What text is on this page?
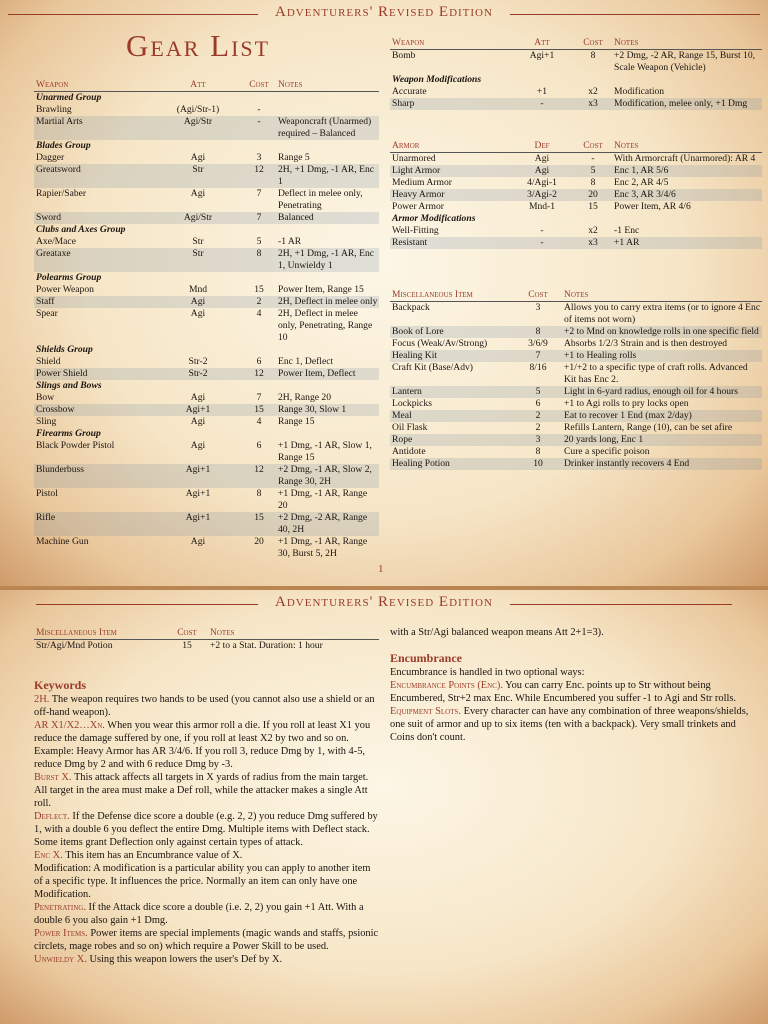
Adventurers' Revised Edition
Gear List
Weapon	Att	Cost Notes
Unarmed Group
Brawling	(Agi/Str-1)	-
Martial Arts	Agi/Str	-	Weaponcraft (Unarmed) required – Balanced
Blades Group
Dagger	Agi	3	Range 5
Greatsword	Str	12	2H, +1 Dmg, -1 AR, Enc 1
Rapier/Saber	Agi	7	Deflect in melee only, Penetrating
Sword	Agi/Str	7	Balanced
Clubs and Axes Group
Axe/Mace	Str	5	-1 AR
Greataxe	Str	8	2H, +1 Dmg, -1 AR, Enc 1, Unwieldy 1
Polearms Group
Power Weapon	Mnd	15	Power Item, Range 15
Staff	Agi	2	2H, Deflect in melee only
Spear	Agi	4	2H, Deflect in melee only, Penetrating, Range 10
Shields Group
Shield	Str-2	6	Enc 1, Deflect
Power Shield	Str-2	12	Power Item, Deflect
Slings and Bows
Bow	Agi	7	2H, Range 20
Crossbow	Agi+1	15	Range 30, Slow 1
Sling	Agi	4	Range 15
Firearms Group
Black Powder Pistol	Agi	6	+1 Dmg, -1 AR, Slow 1, Range 15
Blunderbuss	Agi+1	12	+2 Dmg, -1 AR, Slow 2, Range 30, 2H
Pistol	Agi+1	8	+1 Dmg, -1 AR, Range 20
Rifle	Agi+1	15	+2 Dmg, -2 AR, Range 40, 2H
Machine Gun	Agi	20	+1 Dmg, -1 AR, Range 30, Burst 5, 2H
Weapon	Att	Cost	Notes
Bomb	Agi+1	8	+2 Dmg, -2 AR, Range 15, Burst 10, Scale Weapon (Vehicle)
Weapon Modifications
Accurate	+1	x2	Modification
Sharp	-	x3	Modification, melee only, +1 Dmg
Armor	Def	Cost	Notes
Unarmored	Agi	-	With Armorcraft (Unarmored): AR 4
Light Armor	Agi	5	Enc 1, AR 5/6
Medium Armor	4/Agi-1	8	Enc 2, AR 4/5
Heavy Armor	3/Agi-2	20	Enc 3, AR 3/4/6
Power Armor	Mnd-1	15	Power Item, AR 4/6
Armor Modifications
Well-Fitting	-	x2	-1 Enc
Resistant	-	x3	+1 AR
Miscellaneous Item	Cost	Notes
Backpack	3	Allows you to carry extra items (or to ignore 4 Enc of items not worn)
Book of Lore	8	+2 to Mnd on knowledge rolls in one specific field
Focus (Weak/Av/Strong)	3/6/9	Absorbs 1/2/3 Strain and is then destroyed
Healing Kit	7	+1 to Healing rolls
Craft Kit (Base/Adv)	8/16	+1/+2 to a specific type of craft rolls. Advanced Kit has Enc 2.
Lantern	5	Light in 6-yard radius, enough oil for 4 hours
Lockpicks	6	+1 to Agi rolls to pry locks open
Meal	2	Eat to recover 1 End (max 2/day)
Oil Flask	2	Refills Lantern, Range (10), can be set afire
Rope	3	20 yards long, Enc 1
Antidote	8	Cure a specific poison
Healing Potion	10	Drinker instantly recovers 4 End
1
Adventurers' Revised Edition
Miscellaneous Item	Cost	Notes
Str/Agi/Mnd Potion	15	+2 to a Stat. Duration: 1 hour
Keywords

2H. The weapon requires two hands to be used (you cannot also use a shield or an off-hand weapon).

AR X1/X2…Xn. When you wear this armor roll a die. If you roll at least X1 you reduce the damage suffered by one, if you roll at least X2 by two and so on.

Example: Heavy Armor has AR 3/4/6. If you roll 3, reduce Dmg by 1, with 4-5, reduce Dmg by 2 and with 6 reduce Dmg by -3.

Burst X. This attack affects all targets in X yards of radius from the main target. All target in the area must make a Def roll, while the attacker makes a single Att roll.

Deflect. If the Defense dice score a double (e.g. 2, 2) you reduce Dmg suffered by 1, with a double 6 you deflect the entire Dmg. Multiple items with Deflect stack. Some items grant Deflection only against certain types of attack.

Enc X. This item has an Encumbrance value of X.

Modification: A modification is a particular ability you can apply to another item of a specific type. It influences the price. Normally an item can only have one Modification.

Penetrating. If the Attack dice score a double (i.e. 2, 2) you gain +1 Att. With a double 6 you also gain +1 Dmg.

Power Items. Power items are special implements (magic wands and staffs, psionic circlets, mage robes and so on) which require a Power Skill to be used.

Unwieldy X. Using this weapon lowers the user's Def by X.

with a Str/Agi balanced weapon means Att 2+1=3).

Encumbrance

Encumbrance is handled in two optional ways:

Encumbrance Points (Enc). You can carry Enc. points up to Str without being Encumbered, Str+2 max Enc. While Encumbered you suffer -1 to Agi and Str rolls.

Equipment Slots. Every character can have any combination of three weapons/shields, one suit of armor and up to six items (ten with a backpack). Very small trinkets and Coins don't count.
